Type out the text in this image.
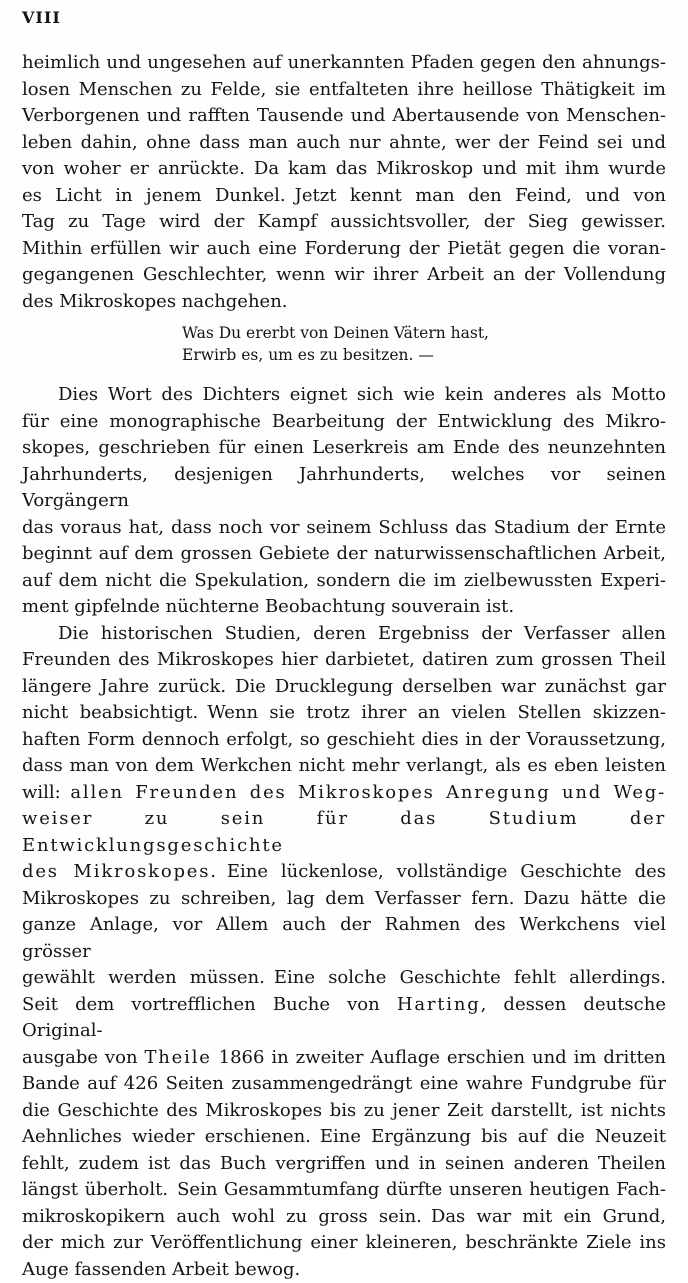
VIII
heimlich und ungesehen auf unerkannten Pfaden gegen den ahnungs-
losen Menschen zu Felde, sie entfalteten ihre heillose Thätigkeit im
Verborgenen und rafften Tausende und Abertausende von Menschen-
leben dahin, ohne dass man auch nur ahnte, wer der Feind sei und
von woher er anrückte. Da kam das Mikroskop und mit ihm wurde
es Licht in jenem Dunkel. Jetzt kennt man den Feind, und von
Tag zu Tage wird der Kampf aussichtsvoller, der Sieg gewisser.
Mithin erfüllen wir auch eine Forderung der Pietät gegen die voran-
gegangenen Geschlechter, wenn wir ihrer Arbeit an der Vollendung
des Mikroskopes nachgehen.
Was Du ererbt von Deinen Vätern hast,
Erwirb es, um es zu besitzen. —
Dies Wort des Dichters eignet sich wie kein anderes als Motto
für eine monographische Bearbeitung der Entwicklung des Mikro-
skopes, geschrieben für einen Leserkreis am Ende des neunzehnten
Jahrhunderts, desjenigen Jahrhunderts, welches vor seinen Vorgängern
das voraus hat, dass noch vor seinem Schluss das Stadium der Ernte
beginnt auf dem grossen Gebiete der naturwissenschaftlichen Arbeit,
auf dem nicht die Spekulation, sondern die im zielbewussten Experi-
ment gipfelnde nüchterne Beobachtung souverain ist.
Die historischen Studien, deren Ergebniss der Verfasser allen
Freunden des Mikroskopes hier darbietet, datiren zum grossen Theil
längere Jahre zurück. Die Drucklegung derselben war zunächst gar
nicht beabsichtigt. Wenn sie trotz ihrer an vielen Stellen skizzen-
haften Form dennoch erfolgt, so geschieht dies in der Voraussetzung,
dass man von dem Werkchen nicht mehr verlangt, als es eben leisten
will: allen Freunden des Mikroskopes Anregung und Weg-
weiser zu sein für das Studium der Entwicklungsgeschichte
des Mikroskopes. Eine lückenlose, vollständige Geschichte des
Mikroskopes zu schreiben, lag dem Verfasser fern. Dazu hätte die
ganze Anlage, vor Allem auch der Rahmen des Werkchens viel grösser
gewählt werden müssen. Eine solche Geschichte fehlt allerdings.
Seit dem vortrefflichen Buche von Harting, dessen deutsche Original-
ausgabe von Theile 1866 in zweiter Auflage erschien und im dritten
Bande auf 426 Seiten zusammengedrängt eine wahre Fundgrube für
die Geschichte des Mikroskopes bis zu jener Zeit darstellt, ist nichts
Aehnliches wieder erschienen. Eine Ergänzung bis auf die Neuzeit
fehlt, zudem ist das Buch vergriffen und in seinen anderen Theilen
längst überholt. Sein Gesammtumfang dürfte unseren heutigen Fach-
mikroskopikern auch wohl zu gross sein. Das war mit ein Grund,
der mich zur Veröffentlichung einer kleineren, beschränkte Ziele ins
Auge fassenden Arbeit bewog.
